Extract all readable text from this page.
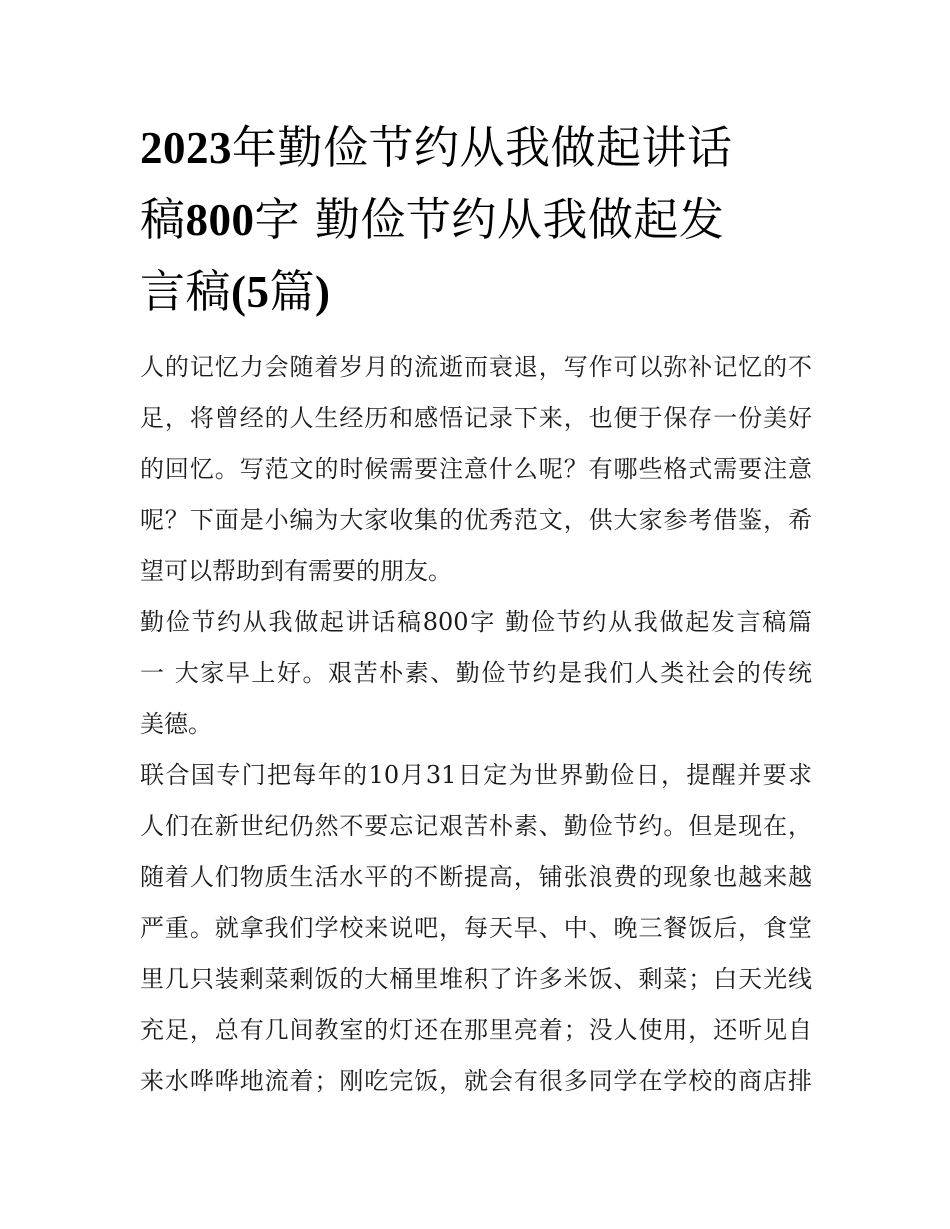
2023年勤俭节约从我做起讲话
稿800字 勤俭节约从我做起发
言稿(5篇)

人的记忆力会随着岁月的流逝而衰退，写作可以弥补记忆的不
足，将曾经的人生经历和感悟记录下来，也便于保存一份美好
的回忆。写范文的时候需要注意什么呢？有哪些格式需要注意
呢？下面是小编为大家收集的优秀范文，供大家参考借鉴，希
望可以帮助到有需要的朋友。

勤俭节约从我做起讲话稿800字 勤俭节约从我做起发言稿篇
一 大家早上好。艰苦朴素、勤俭节约是我们人类社会的传统
美德。

联合国专门把每年的10月31日定为世界勤俭日，提醒并要求
人们在新世纪仍然不要忘记艰苦朴素、勤俭节约。但是现在，
随着人们物质生活水平的不断提高，铺张浪费的现象也越来越
严重。就拿我们学校来说吧，每天早、中、晚三餐饭后，食堂
里几只装剩菜剩饭的大桶里堆积了许多米饭、剩菜；白天光线
充足，总有几间教室的灯还在那里亮着；没人使用，还听见自
来水哗哗地流着；刚吃完饭，就会有很多同学在学校的商店排
